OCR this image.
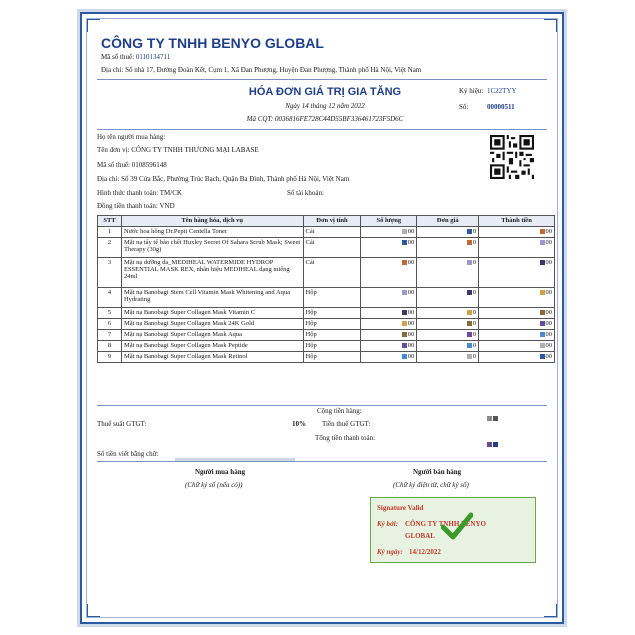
CÔNG TY TNHH BENYO GLOBAL
Mã số thuế: 0110134711
Địa chỉ: Số nhà 17, Đường Đoàn Kết, Cụm 1, Xã Đan Phượng, Huyện Đan Phượng, Thành phố Hà Nội, Việt Nam
HÓA ĐƠN GIÁ TRỊ GIA TĂNG
Ngày 14 tháng 12 năm 2022
Mã CQT: 0036816FE728C44D55BF336461723F5D6C
Ký hiệu: 1C22TYY
Số:	00000511
Họ tên người mua hàng:
Tên đơn vị: CÔNG TY TNHH THƯƠNG MẠI LABASE
Mã số thuế: 0108596148
Địa chỉ: Số 39 Cửa Bắc, Phường Trúc Bạch, Quận Ba Đình, Thành phố Hà Nội, Việt Nam
Hình thức thanh toán: TM/CK	Số tài khoản:
Đồng tiền thanh toán: VND
STT	Tên hàng hóa, dịch vụ	Đơn vị tính	Số lượng	Đơn giá	Thành tiền
1	Nước hoa hồng Dr.Pepti Centella Toner	Cái	00	0	00
2	Mặt nạ tẩy tế bào chết Huxley Secret Of Sahara Scrub Mask; Sweet Therapy (30g)	Cái	00	0	00
3	Mặt nạ dưỡng da_MEDIHEAL WATERMIDE HYDROP ESSENTIAL MASK REX, nhãn hiệu MEDIHEAL dạng miếng 24ml	Cái	00	0	00
4	Mặt nạ Banobagi Stem Cell Vitamin Mask Whitening and Aqua Hydrating	Hộp	00	0	00
5	Mặt nạ Banobagi Super Collagen Mask Vitamin C	Hộp	00	0	00
6	Mặt nạ Banobagi Super Collagen Mask 24K Gold	Hộp	00	0	00
7	Mặt nạ Banobagi Super Collagen Mask Aqua	Hộp	00	0	00
8	Mặt nạ Banobagi Super Collagen Mask Peptide	Hộp	00	0	00
9	Mặt nạ Banobagi Super Collagen Mask Retinol	Hộp	00	0	00
Cộng tiền hàng:
Thuế suất GTGT:	10% Tiền thuế GTGT:
Tổng tiền thanh toán:
Số tiền viết bằng chữ:
Người mua hàng
(Chữ ký số (nếu có))
Người bán hàng
(Chữ ký điện tử, chữ ký số)
Signature Valid
Ký bởi: CÔNG TY TNHH BENYO
GLOBAL
Ký ngày: 14/12/2022
